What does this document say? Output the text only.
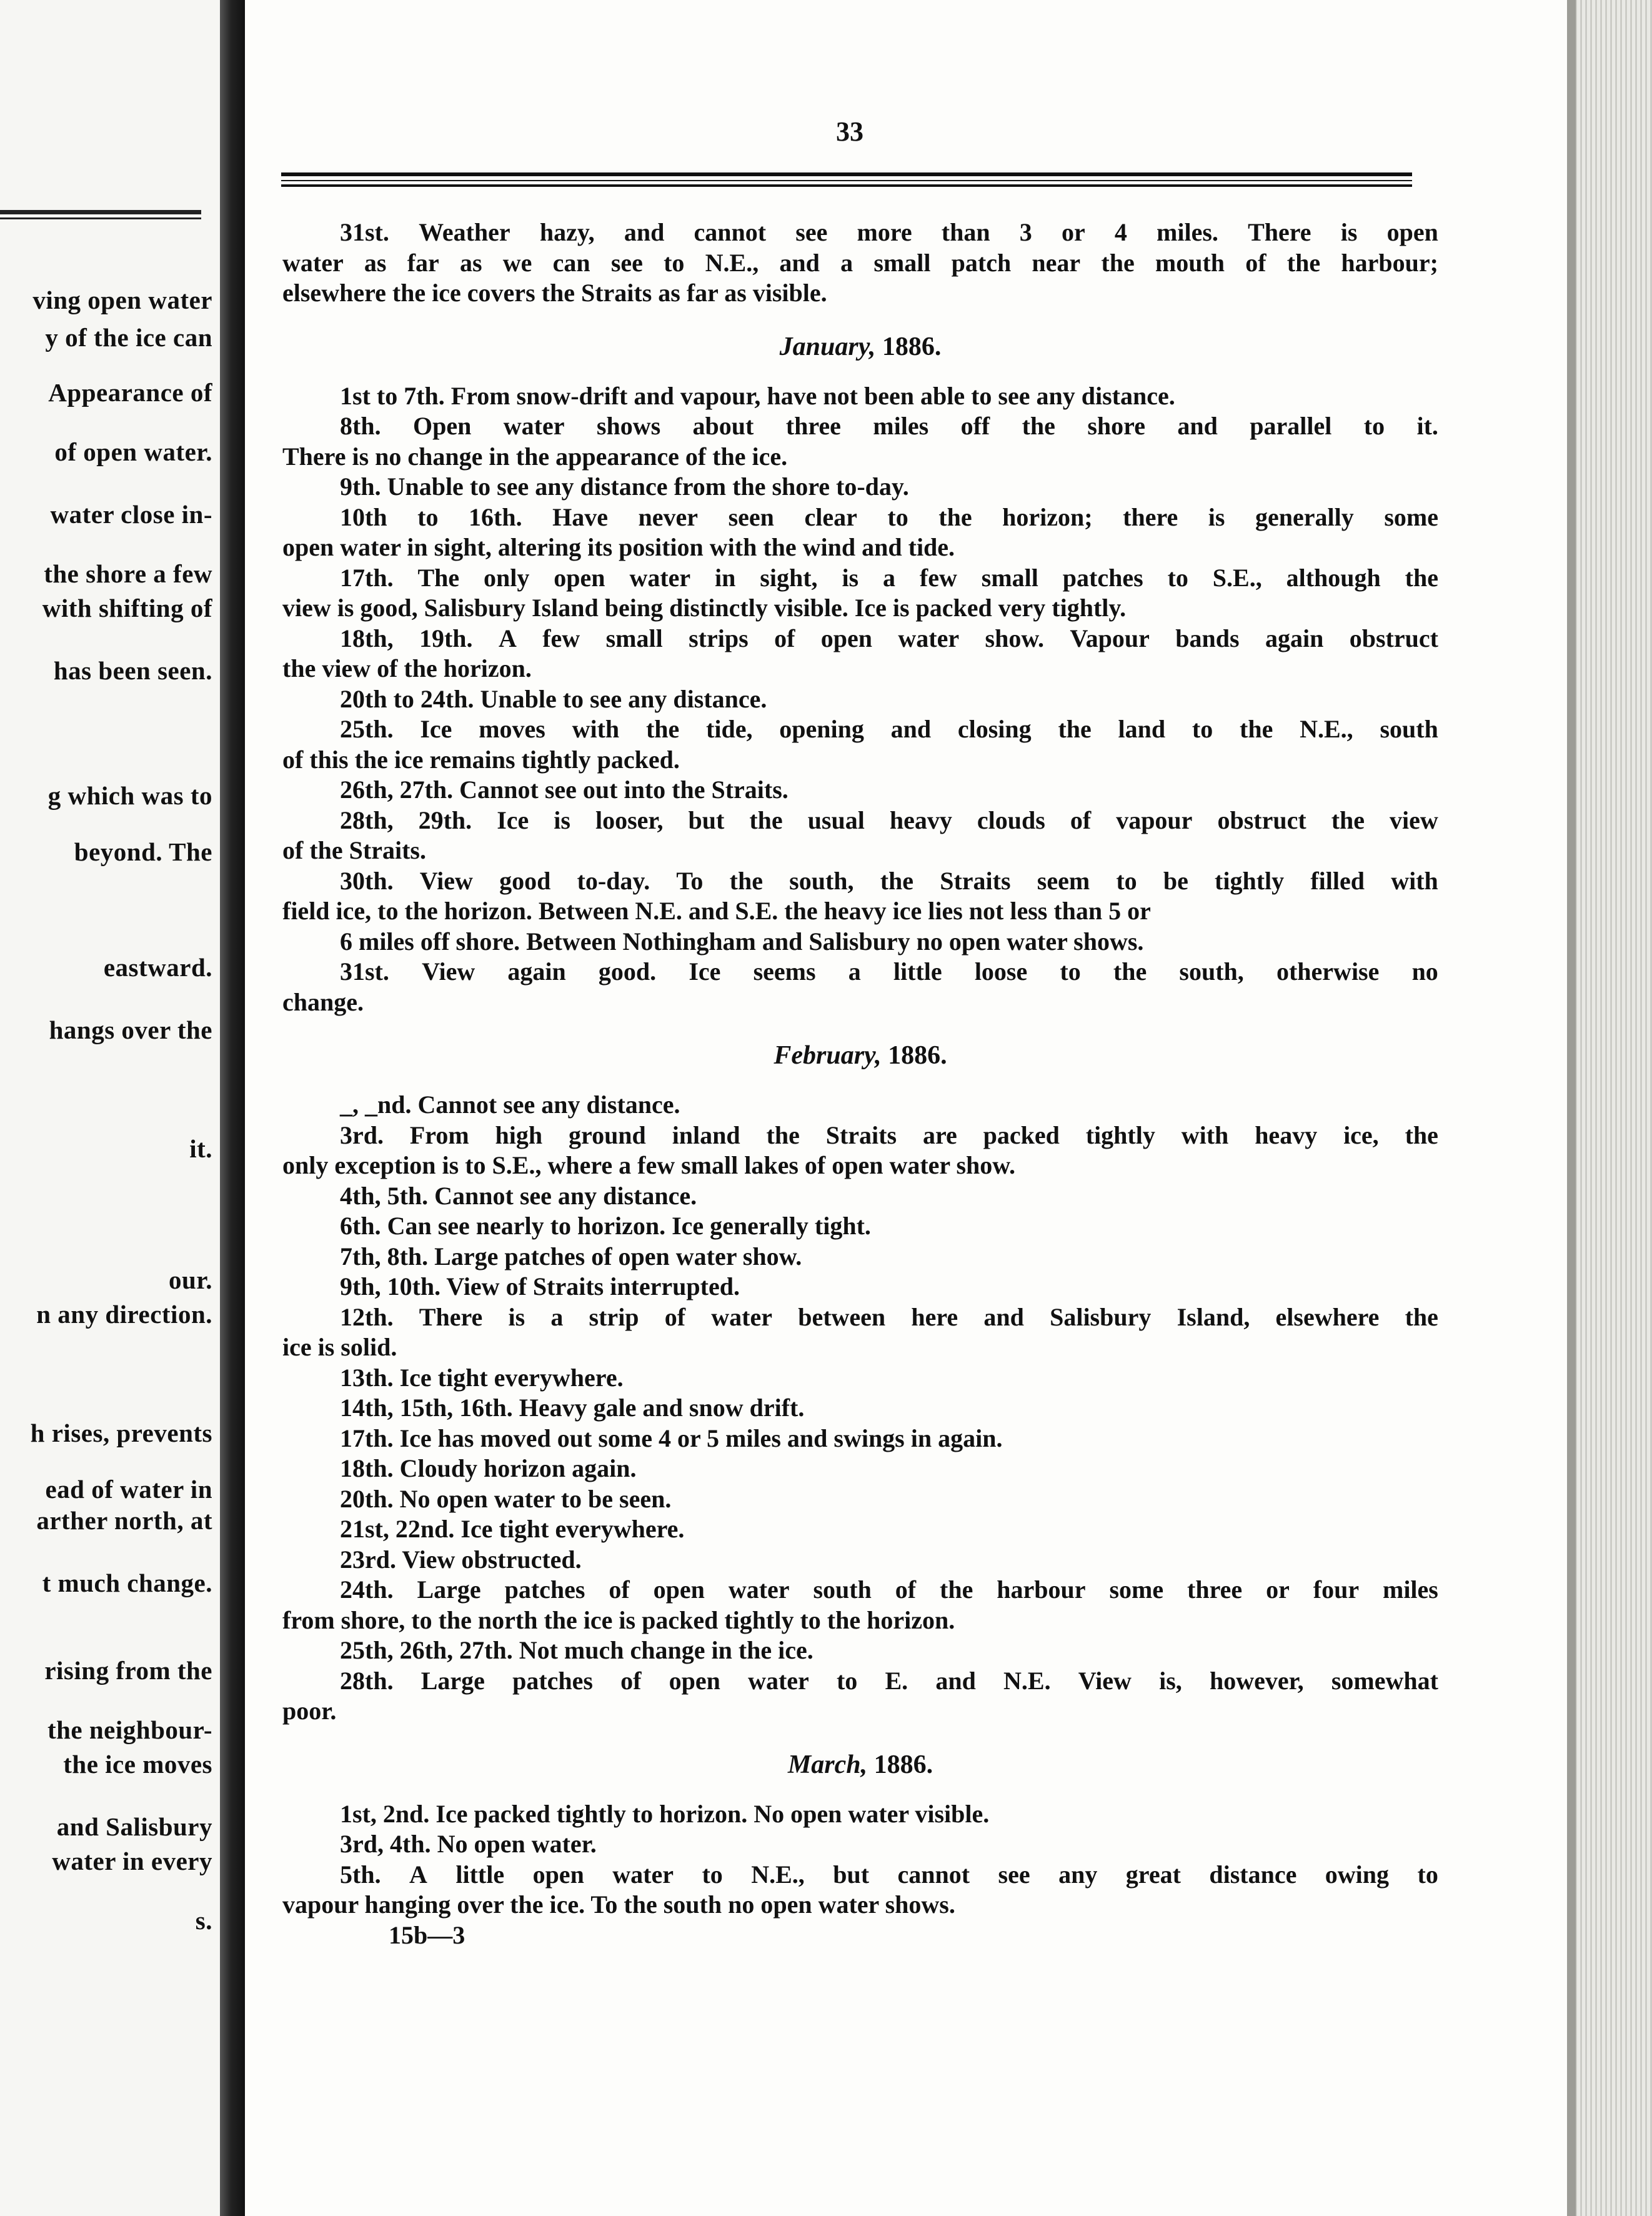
ving open water
y of the ice can
Appearance of
of open water.
water close in-
the shore a few
with shifting of
has been seen.
g which was to
beyond. The
eastward.
hangs over the
it.
our.
n any direction.
h rises, prevents
ead of water in
arther north, at
t much change.
rising from the
the neighbour-
the ice moves
and Salisbury
water in every
s.
33
31st. Weather hazy, and cannot see more than 3 or 4 miles. There is open
water as far as we can see to N.E., and a small patch near the mouth of the harbour;
elsewhere the ice covers the Straits as far as visible.
January, 1886.
1st to 7th. From snow-drift and vapour, have not been able to see any distance.
8th. Open water shows about three miles off the shore and parallel to it.
There is no change in the appearance of the ice.
9th. Unable to see any distance from the shore to-day.
10th to 16th. Have never seen clear to the horizon; there is generally some
open water in sight, altering its position with the wind and tide.
17th. The only open water in sight, is a few small patches to S.E., although the
view is good, Salisbury Island being distinctly visible. Ice is packed very tightly.
18th, 19th. A few small strips of open water show. Vapour bands again obstruct
the view of the horizon.
20th to 24th. Unable to see any distance.
25th. Ice moves with the tide, opening and closing the land to the N.E., south
of this the ice remains tightly packed.
26th, 27th. Cannot see out into the Straits.
28th, 29th. Ice is looser, but the usual heavy clouds of vapour obstruct the view
of the Straits.
30th. View good to-day. To the south, the Straits seem to be tightly filled with
field ice, to the horizon. Between N.E. and S.E. the heavy ice lies not less than 5 or
6 miles off shore. Between Nothingham and Salisbury no open water shows.
31st. View again good. Ice seems a little loose to the south, otherwise no
change.
February, 1886.
_, _nd. Cannot see any distance.
3rd. From high ground inland the Straits are packed tightly with heavy ice, the
only exception is to S.E., where a few small lakes of open water show.
4th, 5th. Cannot see any distance.
6th. Can see nearly to horizon. Ice generally tight.
7th, 8th. Large patches of open water show.
9th, 10th. View of Straits interrupted.
12th. There is a strip of water between here and Salisbury Island, elsewhere the
ice is solid.
13th. Ice tight everywhere.
14th, 15th, 16th. Heavy gale and snow drift.
17th. Ice has moved out some 4 or 5 miles and swings in again.
18th. Cloudy horizon again.
20th. No open water to be seen.
21st, 22nd. Ice tight everywhere.
23rd. View obstructed.
24th. Large patches of open water south of the harbour some three or four miles
from shore, to the north the ice is packed tightly to the horizon.
25th, 26th, 27th. Not much change in the ice.
28th. Large patches of open water to E. and N.E. View is, however, somewhat
poor.
March, 1886.
1st, 2nd. Ice packed tightly to horizon. No open water visible.
3rd, 4th. No open water.
5th. A little open water to N.E., but cannot see any great distance owing to
vapour hanging over the ice. To the south no open water shows.
15b—3
